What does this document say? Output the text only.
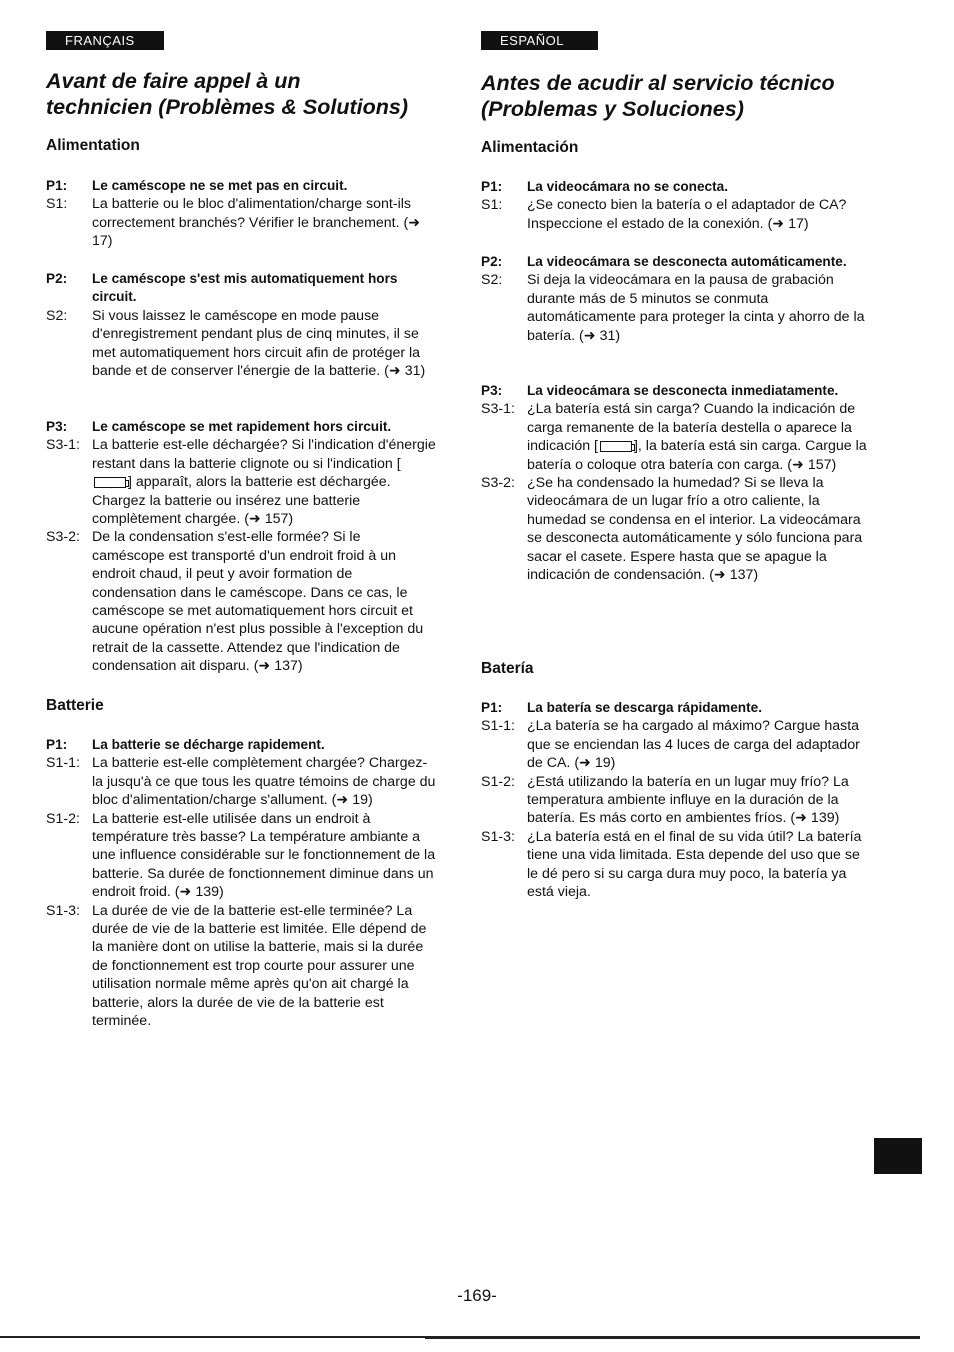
FRANÇAIS
Avant de faire appel à un
technicien (Problèmes & Solutions)
Alimentation
P1:	Le caméscope ne se met pas en circuit.
S1:	La batterie ou le bloc d'alimentation/charge sont-ils correctement branchés? Vérifier le branchement. (➜ 17)
P2:	Le caméscope s'est mis automatiquement hors circuit.
S2:	Si vous laissez le caméscope en mode pause d'enregistrement pendant plus de cinq minutes, il se met automatiquement hors circuit afin de protéger la bande et de conserver l'énergie de la batterie. (➜ 31)
P3:	Le caméscope se met rapidement hors circuit.
S3-1: La batterie est-elle déchargée? Si l'indication d'énergie restant dans la batterie clignote ou si l'indication [] apparaît, alors la batterie est déchargée. Chargez la batterie ou insérez une batterie complètement chargée. (➜ 157)
S3-2: De la condensation s'est-elle formée? Si le caméscope est transporté d'un endroit froid à un endroit chaud, il peut y avoir formation de condensation dans le caméscope. Dans ce cas, le caméscope se met automatiquement hors circuit et aucune opération n'est plus possible à l'exception du retrait de la cassette. Attendez que l'indication de condensation ait disparu. (➜ 137)
Batterie
P1:	La batterie se décharge rapidement.
S1-1: La batterie est-elle complètement chargée? Chargez-la jusqu'à ce que tous les quatre témoins de charge du bloc d'alimentation/charge s'allument. (➜ 19)
S1-2: La batterie est-elle utilisée dans un endroit à température très basse? La température ambiante a une influence considérable sur le fonctionnement de la batterie. Sa durée de fonctionnement diminue dans un endroit froid. (➜ 139)
S1-3: La durée de vie de la batterie est-elle terminée? La durée de vie de la batterie est limitée. Elle dépend de la manière dont on utilise la batterie, mais si la durée de fonctionnement est trop courte pour assurer une utilisation normale même après qu'on ait chargé la batterie, alors la durée de vie de la batterie est terminée.
ESPAÑOL
Antes de acudir al servicio técnico
(Problemas y Soluciones)
Alimentación
P1:	La videocámara no se conecta.
S1:	¿Se conecto bien la batería o el adaptador de CA? Inspeccione el estado de la conexión. (➜ 17)
P2:	La videocámara se desconecta automáticamente.
S2:	Si deja la videocámara en la pausa de grabación durante más de 5 minutos se conmuta automáticamente para proteger la cinta y ahorro de la batería. (➜ 31)
P3:	La videocámara se desconecta inmediatamente.
S3-1: ¿La batería está sin carga? Cuando la indicación de carga remanente de la batería destella o aparece la indicación [	], la batería está sin carga. Cargue la batería o coloque otra batería con carga. (➜ 157)
S3-2: ¿Se ha condensado la humedad? Si se lleva la videocámara de un lugar frío a otro caliente, la humedad se condensa en el interior. La videocámara se desconecta automáticamente y sólo funciona para sacar el casete. Espere hasta que se apague la indicación de condensación. (➜ 137)
Batería
P1:	La batería se descarga rápidamente.
S1-1: ¿La batería se ha cargado al máximo? Cargue hasta que se enciendan las 4 luces de carga del adaptador de CA. (➜ 19)
S1-2: ¿Está utilizando la batería en un lugar muy frío? La temperatura ambiente influye en la duración de la batería. Es más corto en ambientes fríos. (➜ 139)
S1-3: ¿La batería está en el final de su vida útil? La batería tiene una vida limitada. Esta depende del uso que se le dé pero si su carga dura muy poco, la batería ya está vieja.
-169-
